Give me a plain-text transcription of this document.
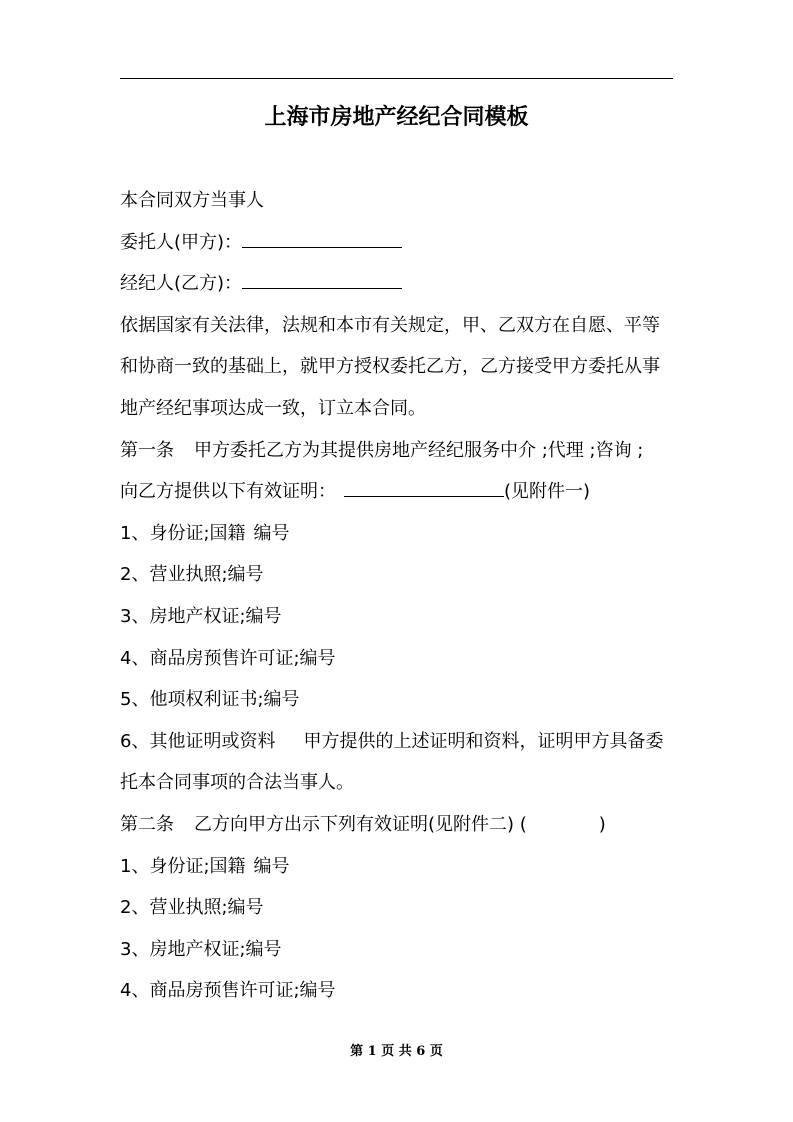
上海市房地产经纪合同模板
本合同双方当事人
委托人(甲方)：
经纪人(乙方)：
依据国家有关法律，法规和本市有关规定，甲、乙双方在自愿、平等
和协商一致的基础上，就甲方授权委托乙方，乙方接受甲方委托从事
地产经纪事项达成一致，订立本合同。
第一条 甲方委托乙方为其提供房地产经纪服务中介 ;代理 ;咨询 ;
向乙方提供以下有效证明：	(见附件一)
1、身份证;国籍 编号
2、营业执照;编号
3、房地产权证;编号
4、商品房预售许可证;编号
5、他项权利证书;编号
6、其他证明或资料 甲方提供的上述证明和资料，证明甲方具备委
托本合同事项的合法当事人。
第二条 乙方向甲方出示下列有效证明(见附件二) (	)
1、身份证;国籍 编号
2、营业执照;编号
3、房地产权证;编号
4、商品房预售许可证;编号
第 1 页 共 6 页
